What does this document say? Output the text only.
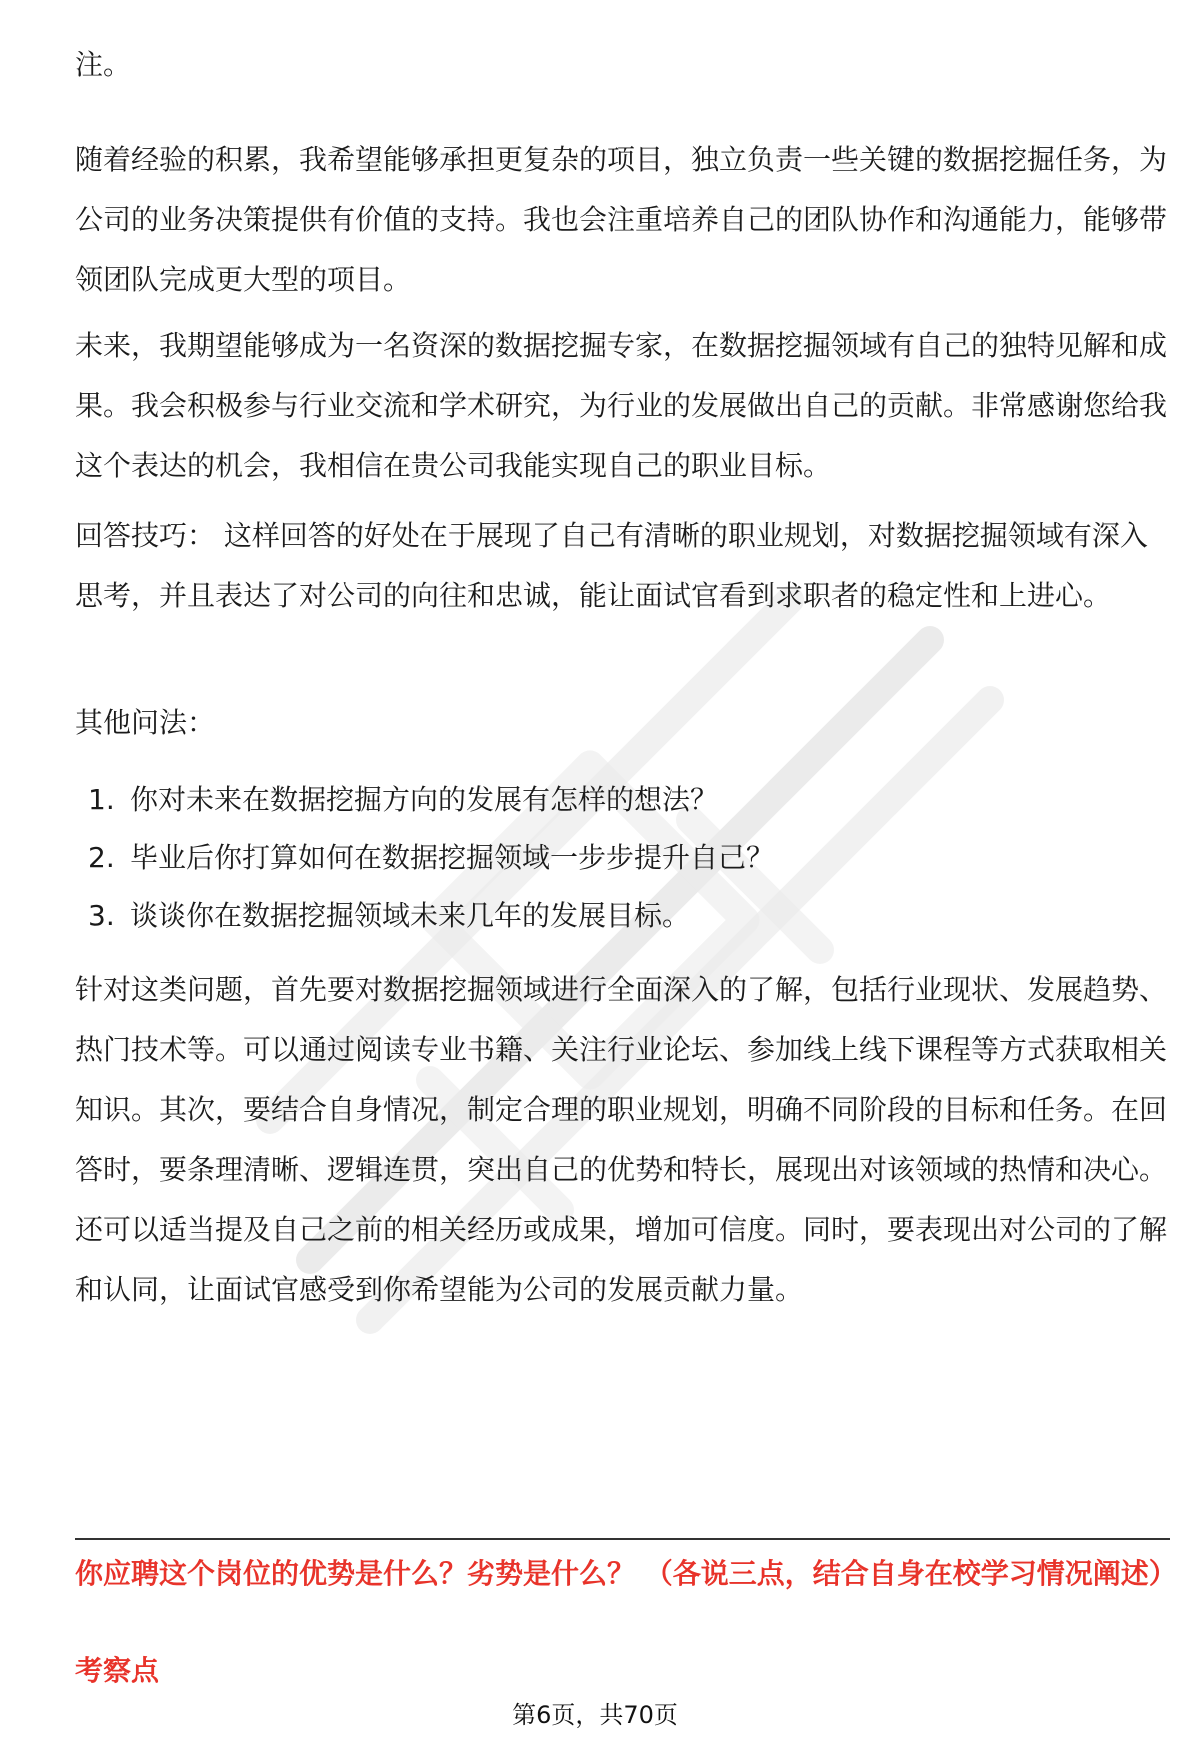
注。

随着经验的积累，我希望能够承担更复杂的项目，独立负责一些关键的数据挖掘任务，为公司的业务决策提供有价值的支持。我也会注重培养自己的团队协作和沟通能力，能够带领团队完成更大型的项目。

未来，我期望能够成为一名资深的数据挖掘专家，在数据挖掘领域有自己的独特见解和成果。我会积极参与行业交流和学术研究，为行业的发展做出自己的贡献。非常感谢您给我这个表达的机会，我相信在贵公司我能实现自己的职业目标。

回答技巧： 这样回答的好处在于展现了自己有清晰的职业规划，对数据挖掘领域有深入思考，并且表达了对公司的向往和忠诚，能让面试官看到求职者的稳定性和上进心。

其他问法：

1. 你对未来在数据挖掘方向的发展有怎样的想法？
2. 毕业后你打算如何在数据挖掘领域一步步提升自己？
3. 谈谈你在数据挖掘领域未来几年的发展目标。

针对这类问题，首先要对数据挖掘领域进行全面深入的了解，包括行业现状、发展趋势、热门技术等。可以通过阅读专业书籍、关注行业论坛、参加线上线下课程等方式获取相关知识。其次，要结合自身情况，制定合理的职业规划，明确不同阶段的目标和任务。在回答时，要条理清晰、逻辑连贯，突出自己的优势和特长，展现出对该领域的热情和决心。还可以适当提及自己之前的相关经历或成果，增加可信度。同时，要表现出对公司的了解和认同，让面试官感受到你希望能为公司的发展贡献力量。

你应聘这个岗位的优势是什么？劣势是什么？ （各说三点，结合自身在校学习情况阐述）

考察点
第6页，共70页
